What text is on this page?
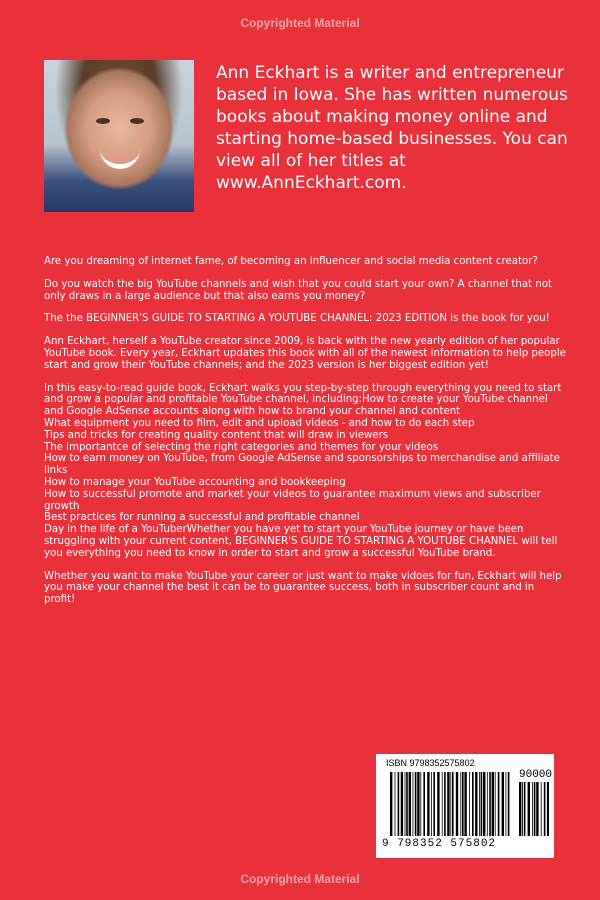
Copyrighted Material
Ann Eckhart is a writer and entrepreneur based in Iowa. She has written numerous books about making money online and starting home-based businesses. You can view all of her titles at www.AnnEckhart.com.

Are you dreaming of internet fame, of becoming an influencer and social media content creator?

Do you watch the big YouTube channels and wish that you could start your own? A channel that not only draws in a large audience but that also earns you money?

The the BEGINNER'S GUIDE TO STARTING A YOUTUBE CHANNEL: 2023 EDITION is the book for you!

Ann Eckhart, herself a YouTube creator since 2009, is back with the new yearly edition of her popular YouTube book. Every year, Eckhart updates this book with all of the newest information to help people start and grow their YouTube channels; and the 2023 version is her biggest edition yet!

In this easy-to-read guide book, Eckhart walks you step-by-step through everything you need to start and grow a popular and profitable YouTube channel, including:How to create your YouTube channel and Google AdSense accounts along with how to brand your channel and content
What equipment you need to film, edit and upload videos - and how to do each step
Tips and tricks for creating quality content that will draw in viewers
The importantce of selecting the right categories and themes for your videos
How to earn money on YouTube, from Google AdSense and sponsorships to merchandise and affiliate links
How to manage your YouTube accounting and bookkeeping
How to successful promote and market your videos to guarantee maximum views and subscriber growth
Best practices for running a successful and profitable channel
Day in the life of a YouTuberWhether you have yet to start your YouTube journey or have been struggling with your current content, BEGINNER'S GUIDE TO STARTING A YOUTUBE CHANNEL will tell you everything you need to know in order to start and grow a successful YouTube brand.

Whether you want to make YouTube your career or just want to make vidoes for fun, Eckhart will help you make your channel the best it can be to guarantee success, both in subscriber count and in profit!

ISBN 9798352575802
90000
9 798352 575802
Copyrighted Material
